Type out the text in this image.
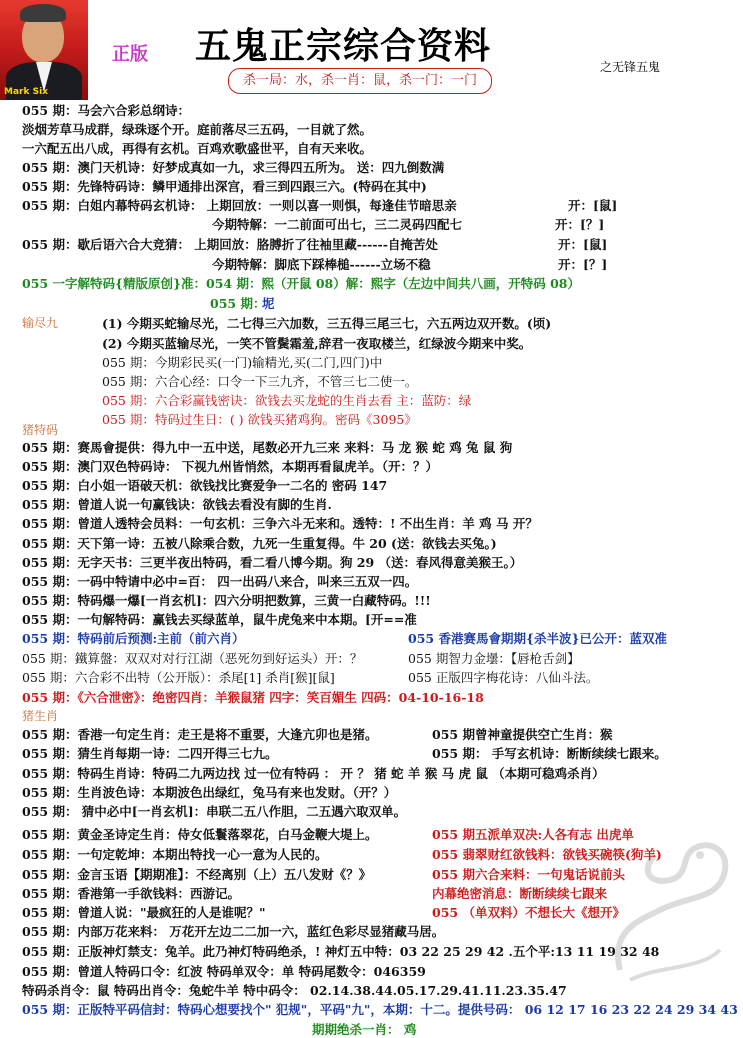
Mark Six
正版 五鬼正宗综合资料
杀一局：水，杀一肖：鼠，杀一门：一门
之无锋五鬼
输尽九
猪特码
猪生肖
055 期：马会六合彩总纲诗：
淡烟芳草马成群，绿珠逐个开。庭前落尽三五码，一目就了然。
一六配五出八成，再得有玄机。百鸡欢歌盛世平，自有天来收。
055 期：澳门天机诗：好梦成真如一九，求三得四五所为。 送：四九倒数满
055 期：先锋特码诗：鳞甲通排出深宫，看三到四跟三六。(特码在其中)
055 期：白姐内幕特码玄机诗： 上期回放：一则以喜一则惧，每逢佳节暗思亲	开：[鼠]
今期特解：一二前面可出七，三二灵码四配七	开：[？]
055 期：歇后语六合大竞猜： 上期回放：胳膊折了往袖里藏------自掩苦处	开：[鼠]
今期特解：脚底下踩棒槌------立场不稳	开：[？]
055 一字解特码{精版原创}准：054 期：熙（开鼠 08）解：熙字（左边中间共八画，开特码 08）
055 期：
坭
(1) 今期买蛇输尽光，二七得三六加数，三五得三尾三七，六五两边双开数。(顷)
(2) 今期买蓝输尽光，一笑不管鬓霜羞,辞君一夜取楼兰，红绿波今期来中奖。
055 期：今期彩民买(一门)输精光,买(二门,四门)中
055 期：六合心经：口令一下三九齐，不管三七二使一。
055 期：六合彩赢钱密诀：欲钱去买龙蛇的生肖去看 主：蓝防：绿
055 期：特码过生日：( ) 欲钱买猪鸡狗。密码《3095》
055 期：赛馬會提供：得九中一五中送，尾数必开九三来 来料：马 龙 猴 蛇 鸡 兔 鼠 狗
055 期：澳门双色特码诗： 下视九州皆悄然，本期再看鼠虎羊。（开：？）
055 期：白小姐一语破天机：欲钱找比赛爱争一二名的 密码 147
055 期：曾道人说一句赢钱诀：欲钱去看没有脚的生肖.
055 期：曾道人透特会员料：一句玄机：三争六斗无来和。透特：! 不出生肖：羊 鸡 马 开？
055 期：天下第一诗：五被八除乘合数，九死一生重复得。牛 20 (送：欲钱去买兔。)
055 期：无字天书：三更半夜出特码，看二看八博今期。狗 29 （送：春风得意美猴王。）
055 期：一码中特请中必中=百： 四一出码八来合，叫来三五双一四。
055 期：特码爆一爆[一肖玄机]：四六分明把数算，三黄一白藏特码。!!!
055 期：一句解特码：赢钱去买绿蓝单，鼠牛虎兔来中本期。[开==准
055 期：特码前后预测:主前（前六肖）	055 香港赛馬會期期{杀半波}已公开：蓝双准
055 期：鐵算盤：双双对对行江湖（恶死勿到好运头）开：？	055 期智力金壜：【唇枪舌剑】
055 期：六合彩不出特（公开版）：杀尾[1] 杀肖[猴][鼠]	055 正版四字梅花诗：八仙斗法。
055 期：《六合泄密》：绝密四肖：羊猴鼠猪 四字：笑百媚生 四码：04-10-16-18
055 期：香港一句定生肖：走王是将不重要，大逢亢卯也是猪。	055 期曾神童提供空亡生肖：猴
055 期：猜生肖每期一诗：二四开得三七九。	055 期： 手写玄机诗：断断续续七跟来。
055 期：特码生肖诗：特码二九两边找 过一位有特码 ： 开 ？ 猪 蛇 羊 猴 马 虎 鼠 （本期可稳鸡杀肖）
055 期：生肖波色诗：本期波色出绿红，兔马有来也发财。（开？）
055 期： 猜中必中[一肖玄机]：串联二五八作胆，二五遇六取双单。
055 期：黄金圣诗定生肖：侍女低鬟落翠花，白马金鞭大堤上。	055 期五派单双决:人各有志 出虎单
055 期：一句定乾坤：本期出特找一心一意为人民的。	055 翡翠财红欲钱料：欲钱买碗筷(狗羊)
055 期：金言玉语【期期准】：不经离别（上）五八发财《？》	055 期六合来料：一句鬼话说前头
055 期：香港第一手欲钱料：西游记。	内幕绝密消息：断断续续七跟来
055 期：曾道人说："最疯狂的人是谁呢？"	055 （单双料）不想长大《想开》
055 期：内部万花来料： 万花开左边二二加一六，蓝红色彩尽显猪藏马居。
055 期：正版神灯禁支：兔羊。此乃神灯特码绝杀，! 神灯五中特：03 22 25 29 42 .五个平:13 11 19 32 48
055 期：曾道人特码口令：红波 特码单双令：单 特码尾数令：046359
特码杀肖令：鼠 特码出肖令：兔蛇牛羊 特中码令： 02.14.38.44.05.17.29.41.11.23.35.47
055 期：正版特平码信封：特码心想要找个" 犯规"，平码"九"，本期：十二。提供号码： 06 12 17 16 23 22 24 29 34 43
期期绝杀一肖： 鸡
